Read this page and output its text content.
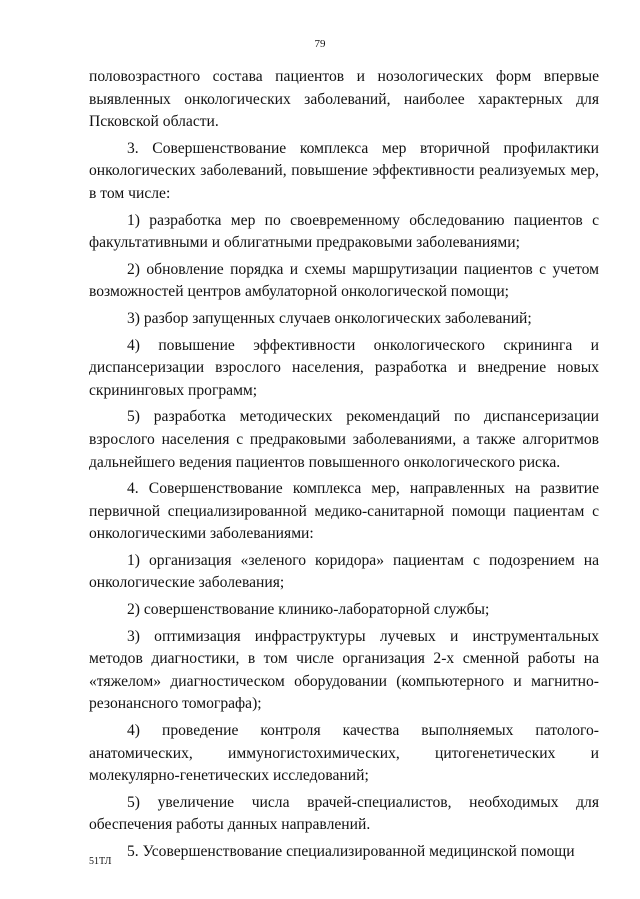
79

половозрастного состава пациентов и нозологических форм впервые выявленных онкологических заболеваний, наиболее характерных для Псковской области.

3. Совершенствование комплекса мер вторичной профилактики онкологических заболеваний, повышение эффективности реализуемых мер, в том числе:

1) разработка мер по своевременному обследованию пациентов с факультативными и облигатными предраковыми заболеваниями;

2) обновление порядка и схемы маршрутизации пациентов с учетом возможностей центров амбулаторной онкологической помощи;

3) разбор запущенных случаев онкологических заболеваний;

4) повышение эффективности онкологического скрининга и диспансеризации взрослого населения, разработка и внедрение новых скрининговых программ;

5) разработка методических рекомендаций по диспансеризации взрослого населения с предраковыми заболеваниями, а также алгоритмов дальнейшего ведения пациентов повышенного онкологического риска.

4. Совершенствование комплекса мер, направленных на развитие первичной специализированной медико-санитарной помощи пациентам с онкологическими заболеваниями:

1) организация «зеленого коридора» пациентам с подозрением на онкологические заболевания;

2) совершенствование клинико-лабораторной службы;

3) оптимизация инфраструктуры лучевых и инструментальных методов диагностики, в том числе организация 2-х сменной работы на «тяжелом» диагностическом оборудовании (компьютерного и магнитно-резонансного томографа);

4) проведение контроля качества выполняемых патолого-анатомических, иммуногистохимических, цитогенетических и молекулярно-генетических исследований;

5) увеличение числа врачей-специалистов, необходимых для обеспечения работы данных направлений.

5. Усовершенствование специализированной медицинской помощи

51ТЛ
